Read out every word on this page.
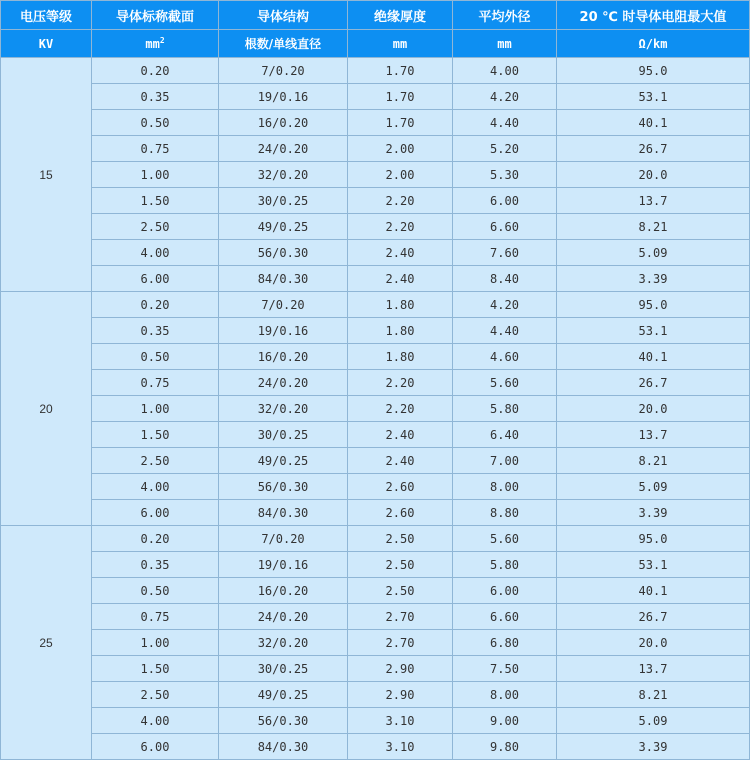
电压等级	导体标称截面	导体结构	绝缘厚度	平均外径	20 ℃ 时导体电阻最大值
KV	$mm^2$	根数/单线直径	mm	mm	Ω/km
15	0.20	7/0.20	1.70	4.00	95.0
	0.35	19/0.16	1.70	4.20	53.1
	0.50	16/0.20	1.70	4.40	40.1
	0.75	24/0.20	2.00	5.20	26.7
	1.00	32/0.20	2.00	5.30	20.0
	1.50	30/0.25	2.20	6.00	13.7
	2.50	49/0.25	2.20	6.60	8.21
	4.00	56/0.30	2.40	7.60	5.09
	6.00	84/0.30	2.40	8.40	3.39
20	0.20	7/0.20	1.80	4.20	95.0
	0.35	19/0.16	1.80	4.40	53.1
	0.50	16/0.20	1.80	4.60	40.1
	0.75	24/0.20	2.20	5.60	26.7
	1.00	32/0.20	2.20	5.80	20.0
	1.50	30/0.25	2.40	6.40	13.7
	2.50	49/0.25	2.40	7.00	8.21
	4.00	56/0.30	2.60	8.00	5.09
	6.00	84/0.30	2.60	8.80	3.39
25	0.20	7/0.20	2.50	5.60	95.0
	0.35	19/0.16	2.50	5.80	53.1
	0.50	16/0.20	2.50	6.00	40.1
	0.75	24/0.20	2.70	6.60	26.7
	1.00	32/0.20	2.70	6.80	20.0
	1.50	30/0.25	2.90	7.50	13.7
	2.50	49/0.25	2.90	8.00	8.21
	4.00	56/0.30	3.10	9.00	5.09
	6.00	84/0.30	3.10	9.80	3.39
